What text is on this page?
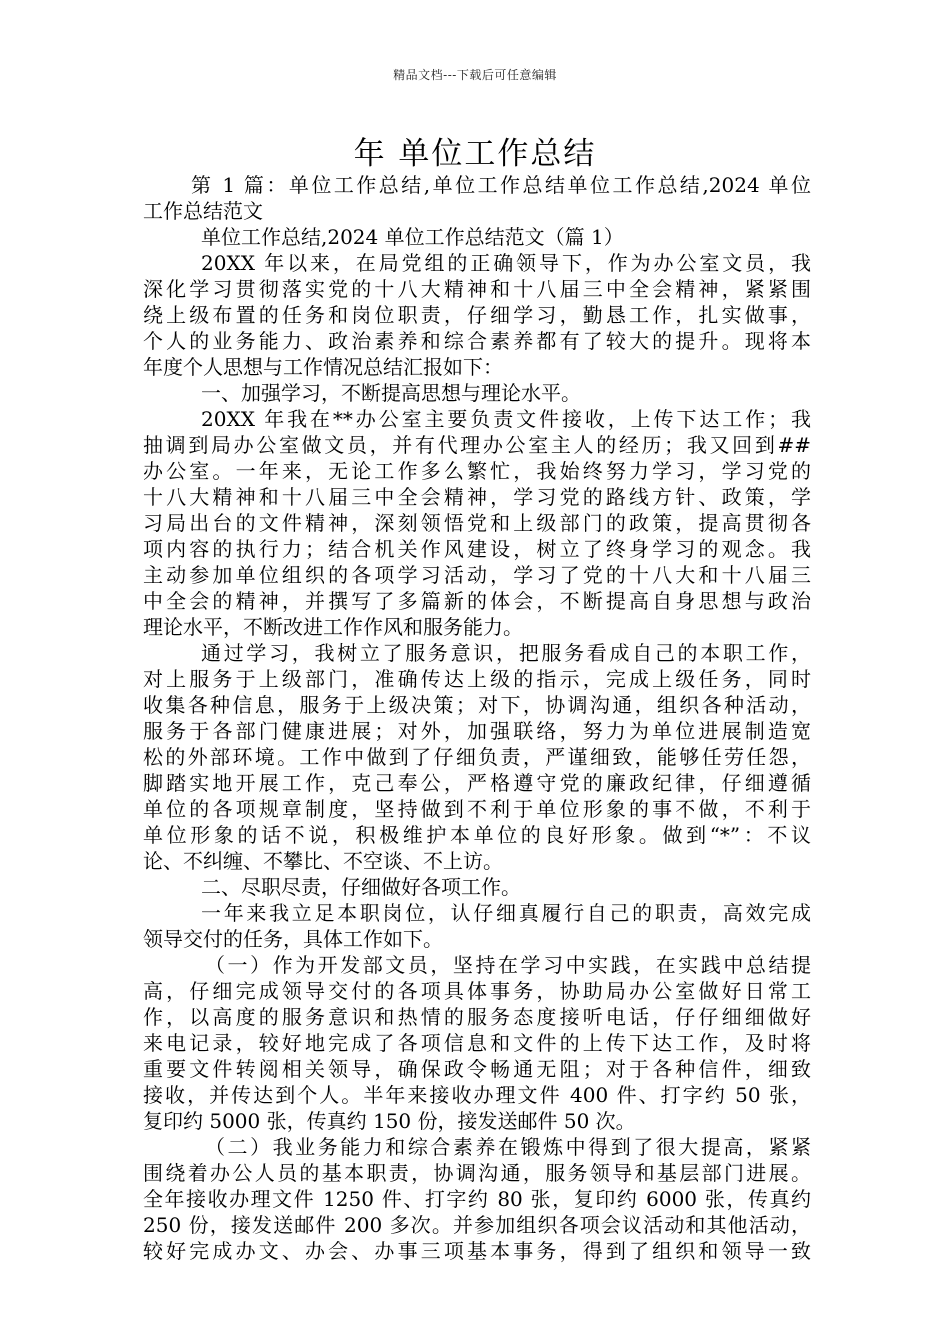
精品文档---下载后可任意编辑
年 单位工作总结
第 1 篇：单位工作总结,单位工作总结单位工作总结,2024 单位
工作总结范文
单位工作总结,2024 单位工作总结范文（篇 1）
20XX 年以来，在局党组的正确领导下，作为办公室文员，我
深化学习贯彻落实党的十八大精神和十八届三中全会精神，紧紧围
绕上级布置的任务和岗位职责，仔细学习，勤恳工作，扎实做事，
个人的业务能力、政治素养和综合素养都有了较大的提升。现将本
年度个人思想与工作情况总结汇报如下：
一、加强学习，不断提高思想与理论水平。
20XX 年我在**办公室主要负责文件接收，上传下达工作；我
抽调到局办公室做文员，并有代理办公室主人的经历；我又回到##
办公室。一年来，无论工作多么繁忙，我始终努力学习，学习党的
十八大精神和十八届三中全会精神，学习党的路线方针、政策，学
习局出台的文件精神，深刻领悟党和上级部门的政策，提高贯彻各
项内容的执行力；结合机关作风建设，树立了终身学习的观念。我
主动参加单位组织的各项学习活动，学习了党的十八大和十八届三
中全会的精神，并撰写了多篇新的体会，不断提高自身思想与政治
理论水平，不断改进工作作风和服务能力。
通过学习，我树立了服务意识，把服务看成自己的本职工作，
对上服务于上级部门，准确传达上级的指示，完成上级任务，同时
收集各种信息，服务于上级决策；对下，协调沟通，组织各种活动，
服务于各部门健康进展；对外，加强联络，努力为单位进展制造宽
松的外部环境。工作中做到了仔细负责，严谨细致，能够任劳任怨，
脚踏实地开展工作，克己奉公，严格遵守党的廉政纪律，仔细遵循
单位的各项规章制度，坚持做到不利于单位形象的事不做，不利于
单位形象的话不说，积极维护本单位的良好形象。做到“*”：不议
论、不纠缠、不攀比、不空谈、不上访。
二、尽职尽责，仔细做好各项工作。
一年来我立足本职岗位，认仔细真履行自己的职责，高效完成
领导交付的任务，具体工作如下。
（一）作为开发部文员，坚持在学习中实践，在实践中总结提
高，仔细完成领导交付的各项具体事务，协助局办公室做好日常工
作，以高度的服务意识和热情的服务态度接听电话，仔仔细细做好
来电记录，较好地完成了各项信息和文件的上传下达工作，及时将
重要文件转阅相关领导，确保政令畅通无阻；对于各种信件，细致
接收，并传达到个人。半年来接收办理文件 400 件、打字约 50 张，
复印约 5000 张，传真约 150 份，接发送邮件 50 次。
（二）我业务能力和综合素养在锻炼中得到了很大提高，紧紧
围绕着办公人员的基本职责，协调沟通，服务领导和基层部门进展。
全年接收办理文件 1250 件、打字约 80 张，复印约 6000 张，传真约
250 份，接发送邮件 200 多次。并参加组织各项会议活动和其他活动，
较好完成办文、办会、办事三项基本事务，得到了组织和领导一致
